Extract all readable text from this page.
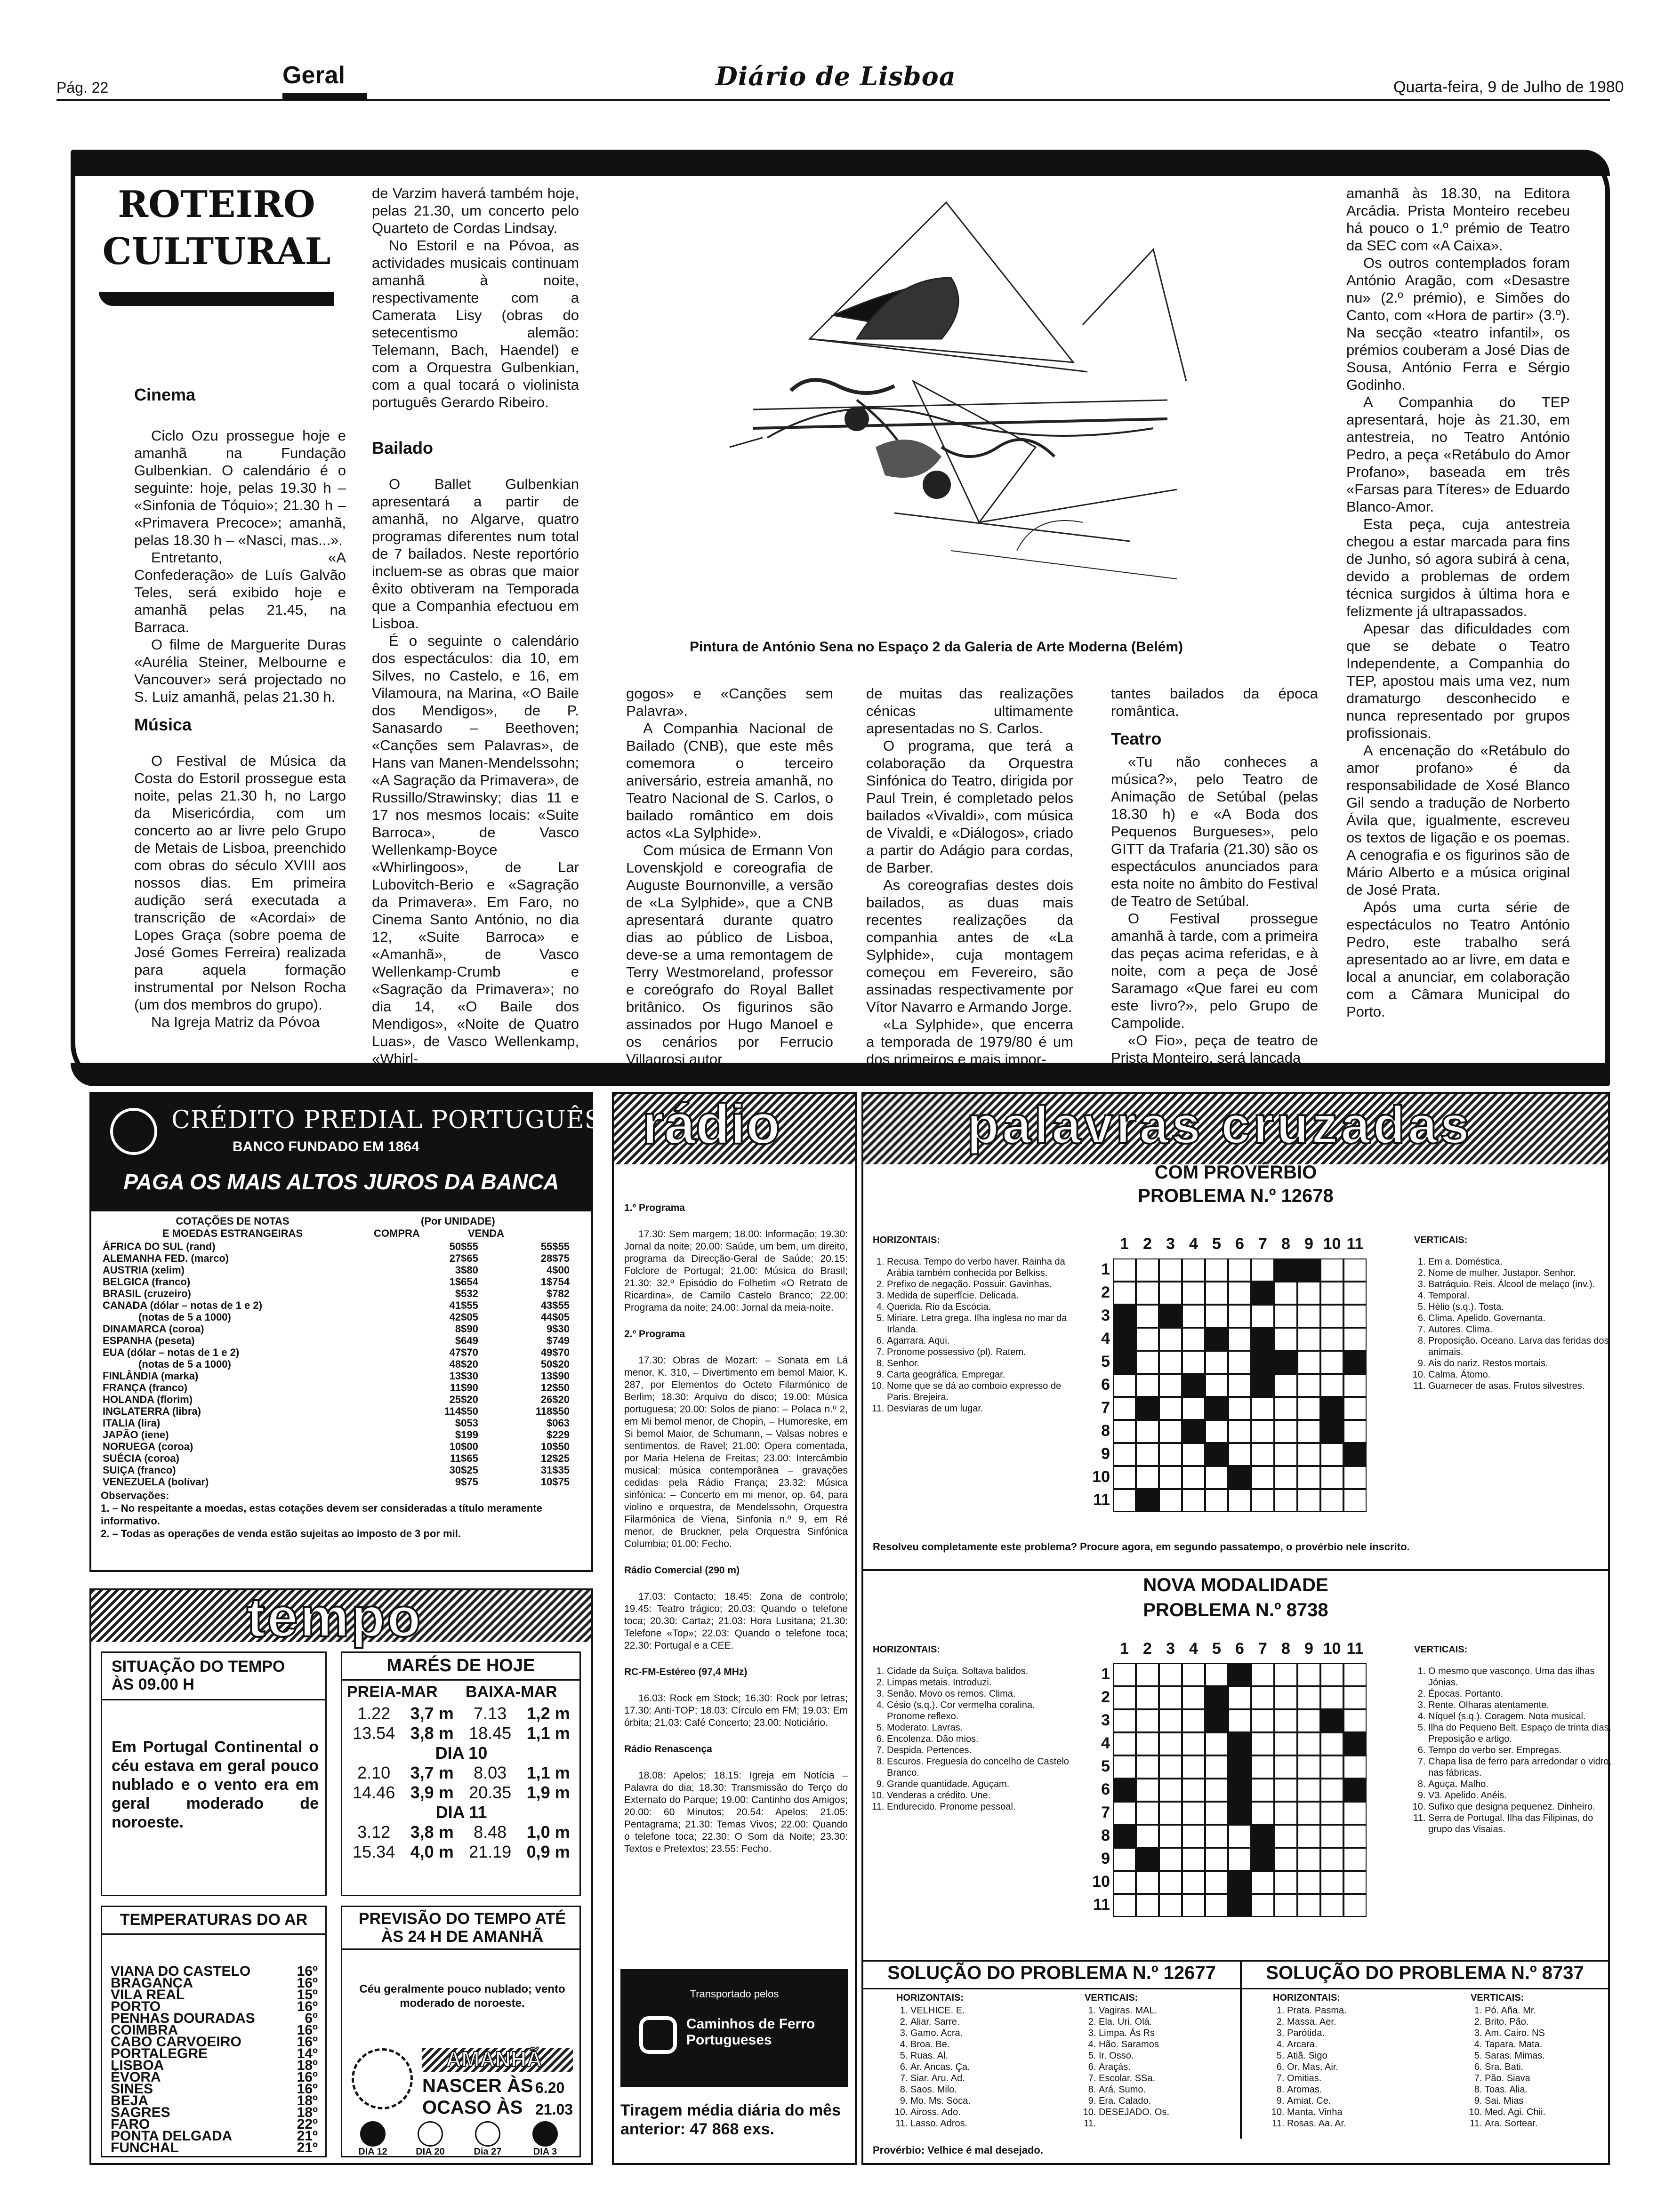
Pág. 22	Geral	Diário de Lisboa	Quarta-feira, 9 de Julho de 1980
ROTEIRO
CULTURAL
Cinema

Ciclo Ozu prossegue hoje e amanhã na Fundação Gulbenkian. O calendário é o seguinte: hoje, pelas 19.30 h – «Sinfonia de Tóquio»; 21.30 h – «Primavera Precoce»; amanhã, pelas 18.30 h – «Nasci, mas...».

Entretanto, «A Confederação» de Luís Galvão Teles, será exibido hoje e amanhã pelas 21.45, na Barraca.

O filme de Marguerite Duras «Aurélia Steiner, Melbourne e Vancouver» será projectado no S. Luiz amanhã, pelas 21.30 h.

Música

O Festival de Música da Costa do Estoril prossegue esta noite, pelas 21.30 h, no Largo da Misericórdia, com um concerto ao ar livre pelo Grupo de Metais de Lisboa, preenchido com obras do século XVIII aos nossos dias. Em primeira audição será executada a transcrição de «Acordai» de Lopes Graça (sobre poema de José Gomes Ferreira) realizada para aquela formação instrumental por Nelson Rocha (um dos membros do grupo).

Na Igreja Matriz da Póvoa

de Varzim haverá também hoje, pelas 21.30, um concerto pelo Quarteto de Cordas Lindsay.

No Estoril e na Póvoa, as actividades musicais continuam amanhã à noite, respectivamente com a Camerata Lisy (obras do setecentismo alemão: Telemann, Bach, Haendel) e com a Orquestra Gulbenkian, com a qual tocará o violinista português Gerardo Ribeiro.

Bailado

O Ballet Gulbenkian apresentará a partir de amanhã, no Algarve, quatro programas diferentes num total de 7 bailados. Neste reportório incluem-se as obras que maior êxito obtiveram na Temporada que a Companhia efectuou em Lisboa.

É o seguinte o calendário dos espectáculos: dia 10, em Silves, no Castelo, e 16, em Vilamoura, na Marina, «O Baile dos Mendigos», de P. Sanasardo – Beethoven; «Canções sem Palavras», de Hans van Manen-Mendelssohn; «A Sagração da Primavera», de Russillo/Strawinsky; dias 11 e 17 nos mesmos locais: «Suite Barroca», de Vasco Wellenkamp-Boyce «Whirlingoos», de Lar Lubovitch-Berio e «Sagração da Primavera». Em Faro, no Cinema Santo António, no dia 12, «Suite Barroca» e «Amanhã», de Vasco Wellenkamp-Crumb e «Sagração da Primavera»; no dia 14, «O Baile dos Mendigos», «Noite de Quatro Luas», de Vasco Wellenkamp, «Whirl-

Pintura de António Sena no Espaço 2 da Galeria de Arte Moderna (Belém)

gogos» e «Canções sem Palavra».

A Companhia Nacional de Bailado (CNB), que este mês comemora o terceiro aniversário, estreia amanhã, no Teatro Nacional de S. Carlos, o bailado romântico em dois actos «La Sylphide».

Com música de Ermann Von Lovenskjold e coreografia de Auguste Bournonville, a versão de «La Sylphide», que a CNB apresentará durante quatro dias ao público de Lisboa, deve-se a uma remontagem de Terry Westmoreland, professor e coreógrafo do Royal Ballet britânico. Os figurinos são assinados por Hugo Manoel e os cenários por Ferrucio Villagrosi autor

de muitas das realizações cénicas ultimamente apresentadas no S. Carlos.

O programa, que terá a colaboração da Orquestra Sinfónica do Teatro, dirigida por Paul Trein, é completado pelos bailados «Vivaldi», com música de Vivaldi, e «Diálogos», criado a partir do Adágio para cordas, de Barber.

As coreografias destes dois bailados, as duas mais recentes realizações da companhia antes de «La Sylphide», cuja montagem começou em Fevereiro, são assinadas respectivamente por Vítor Navarro e Armando Jorge.

«La Sylphide», que encerra a temporada de 1979/80 é um dos primeiros e mais impor-

tantes bailados da época romântica.

Teatro

«Tu não conheces a música?», pelo Teatro de Animação de Setúbal (pelas 18.30 h) e «A Boda dos Pequenos Burgueses», pelo GITT da Trafaria (21.30) são os espectáculos anunciados para esta noite no âmbito do Festival de Teatro de Setúbal.

O Festival prossegue amanhã à tarde, com a primeira das peças acima referidas, e à noite, com a peça de José Saramago «Que farei eu com este livro?», pelo Grupo de Campolide.

«O Fio», peça de teatro de Prista Monteiro, será lançada

amanhã às 18.30, na Editora Arcádia. Prista Monteiro recebeu há pouco o 1.º prémio de Teatro da SEC com «A Caixa».

Os outros contemplados foram António Aragão, com «Desastre nu» (2.º prémio), e Simões do Canto, com «Hora de partir» (3.º). Na secção «teatro infantil», os prémios couberam a José Dias de Sousa, António Ferra e Sérgio Godinho.

A Companhia do TEP apresentará, hoje às 21.30, em antestreia, no Teatro António Pedro, a peça «Retábulo do Amor Profano», baseada em três «Farsas para Títeres» de Eduardo Blanco-Amor.

Esta peça, cuja antestreia chegou a estar marcada para fins de Junho, só agora subirá à cena, devido a problemas de ordem técnica surgidos à última hora e felizmente já ultrapassados.

Apesar das dificuldades com que se debate o Teatro Independente, a Companhia do TEP, apostou mais uma vez, num dramaturgo desconhecido e nunca representado por grupos profissionais.

A encenação do «Retábulo do amor profano» é da responsabilidade de Xosé Blanco Gil sendo a tradução de Norberto Ávila que, igualmente, escreveu os textos de ligação e os poemas. A cenografia e os figurinos são de Mário Alberto e a música original de José Prata.

Após uma curta série de espectáculos no Teatro António Pedro, este trabalho será apresentado ao ar livre, em data e local a anunciar, em colaboração com a Câmara Municipal do Porto.

CRÉDITO PREDIAL PORTUGUÊS
BANCO FUNDADO EM 1864
PAGA OS MAIS ALTOS JUROS DA BANCA
COTAÇÕES DE NOTAS
E MOEDAS ESTRANGEIRAS
(Por UNIDADE)
COMPRA	VENDA
ÁFRICA DO SUL (rand)	50$55	55$55
ALEMANHA FED. (marco)	27$65	28$75
AUSTRIA (xelim)	3$80	4$00
BELGICA (franco)	1$654	1$754
BRASIL (cruzeiro)	$532	$782
CANADA (dólar – notas de 1 e 2)	41$55	43$55
(notas de 5 a 1000)	42$05	44$05
DINAMARCA (coroa)	8$90	9$30
ESPANHA (peseta)	$649	$749
EUA (dólar – notas de 1 e 2)	47$70	49$70
(notas de 5 a 1000)	48$20	50$20
FINLÂNDIA (marka)	13$30	13$90
FRANÇA (franco)	11$90	12$50
HOLANDA (florim)	25$20	26$20
INGLATERRA (libra)	114$50	118$50
ITALIA (lira)	$053	$063
JAPÃO (iene)	$199	$229
NORUEGA (coroa)	10$00	10$50
SUÉCIA (coroa)	11$65	12$25
SUIÇA (franco)	30$25	31$35
VENEZUELA (bolívar)	9$75	10$75
Observações:
1. – No respeitante a moedas, estas cotações devem ser consideradas a título meramente informativo.
2. – Todas as operações de venda estão sujeitas ao imposto de 3 por mil.
tempo
SITUAÇÃO DO TEMPO ÀS 09.00 H
Em Portugal Continental o céu estava em geral pouco nublado e o vento era em geral moderado de noroeste.
MARÉS DE HOJE
PREIA-MAR BAIXA-MAR
1.22	3,7 m	7.13	1,2 m
13.54	3,8 m	18.45	1,1 m
DIA 10			
2.10	3,7 m	8.03	1,1 m
14.46	3,9 m	20.35	1,9 m
DIA 11			
3.12	3,8 m	8.48	1,0 m
15.34	4,0 m	21.19	0,9 m
TEMPERATURAS DO AR
VIANA DO CASTELO	16º
BRAGANÇA	16º
VILA REAL	15º
PORTO	16º
PENHAS DOURADAS	6º
COIMBRA	16º
CABO CARVOEIRO	16º
PORTALEGRE	14º
LISBOA	18º
ÉVORA	16º
SINES	16º
BEJA	18º
SAGRES	18º
FARO	22º
PONTA DELGADA	21º
FUNCHAL	21º
PREVISÃO DO TEMPO ATÉ ÀS 24 H DE AMANHÃ
Céu geralmente pouco nublado; vento moderado de noroeste.
AMANHÃ
NASCER ÀS 6.20
OCASO ÀS 21.03
DIA 12	DIA 20	Dia 27	DIA 3
rádio
1.º Programa
17.30: Sem margem; 18.00: Informação; 19.30: Jornal da noite; 20.00: Saúde, um bem, um direito, programa da Direcção-Geral de Saúde; 20.15: Folclore de Portugal; 21.00: Música do Brasil; 21.30: 32.º Episódio do Folhetim «O Retrato de Ricardina», de Camilo Castelo Branco; 22.00: Programa da noite; 24.00: Jornal da meia-noite.
2.º Programa
17.30: Obras de Mozart: – Sonata em Lá menor, K. 310, – Divertimento em bemol Maior, K. 287, por Elementos do Octeto Filarmónico de Berlim; 18.30: Arquivo do disco; 19.00: Música portuguesa; 20.00: Solos de piano: – Polaca n.º 2, em Mi bemol menor, de Chopin, – Humoreske, em Si bemol Maior, de Schumann, – Valsas nobres e sentimentos, de Ravel; 21.00: Opera comentada, por Maria Helena de Freitas; 23.00: Intercâmbio musical: música contemporânea – gravações cedidas pela Rádio França; 23.32: Música sinfónica: – Concerto em mi menor, op. 64, para violino e orquestra, de Mendelssohn, Orquestra Filarmónica de Viena, Sinfonia n.º 9, em Ré menor, de Bruckner, pela Orquestra Sinfónica Columbia; 01.00: Fecho.
Rádio Comercial (290 m)
17.03: Contacto; 18.45: Zona de controlo; 19.45: Teatro trágico; 20.03: Quando o telefone toca; 20.30: Cartaz; 21.03: Hora Lusitana; 21.30: Telefone «Top»; 22.03: Quando o telefone toca; 22.30: Portugal e a CEE.
RC-FM-Estéreo (97,4 MHz)
16.03: Rock em Stock; 16.30: Rock por letras; 17.30: Anti-TOP; 18.03: Círculo em FM; 19.03: Em órbita; 21.03: Café Concerto; 23.00: Noticiário.
Rádio Renascença
18.08: Apelos; 18.15: Igreja em Notícia – Palavra do dia; 18.30: Transmissão do Terço do Externato do Parque; 19.00: Cantinho dos Amigos; 20.00: 60 Minutos; 20.54: Apelos; 21.05: Pentagrama; 21.30: Temas Vivos; 22.00: Quando o telefone toca; 22.30: O Som da Noite; 23.30: Textos e Pretextos; 23.55: Fecho.
Transportado pelos
Caminhos de Ferro Portugueses
Tiragem média diária do mês anterior: 47 868 exs.
palavras cruzadas
COM PROVÉRBIO
PROBLEMA N.º 12678
HORIZONTAIS:
1. Recusa. Tempo do verbo haver. Rainha da Arábia também conhecida por Belkiss.
2. Prefixo de negação. Possuir. Gavinhas.
3. Medida de superfície. Delicada.
4. Querida. Rio da Escócia.
5. Miriare. Letra grega. Ilha inglesa no mar da Irlanda.
6. Agarrara. Aqui.
7. Pronome possessivo (pl). Ratem.
8. Senhor.
9. Carta geográfica. Empregar.
10. Nome que se dá ao comboio expresso de Paris. Brejeira.
11. Desviaras de um lugar.
1
1
2
2
3
3
4
4
5
5
6
6
7
7
8
8
9
9
10
10
11
11
VERTICAIS:
1. Em a. Doméstica.
2. Nome de mulher. Justapor. Senhor.
3. Batráquio. Reis. Álcool de melaço (inv.).
4. Temporal.
5. Hélio (s.q.). Tosta.
6. Clima. Apelido. Governanta.
7. Autores. Clima.
8. Proposição. Oceano. Larva das feridas dos animais.
9. Ais do nariz. Restos mortais.
10. Calma. Átomo.
11. Guarnecer de asas. Frutos silvestres.
Resolveu completamente este problema? Procure agora, em segundo passatempo, o provérbio nele inscrito.
NOVA MODALIDADE
PROBLEMA N.º 8738
HORIZONTAIS:
1. Cidade da Suíça. Soltava balidos.
2. Limpas metais. Introduzi.
3. Senão. Movo os remos. Clima.
4. Césio (s.q.). Cor vermelha coralina. Pronome reflexo.
5. Moderato. Lavras.
6. Encolenza. Dão mios.
7. Despida. Pertences.
8. Escuros. Freguesia do concelho de Castelo Branco.
9. Grande quantidade. Aguçam.
10. Venderas a crédito. Une.
11. Endurecido. Pronome pessoal.
1
1
2
2
3
3
4
4
5
5
6
6
7
7
8
8
9
9
10
10
11
11
VERTICAIS:
1. O mesmo que vasconço. Uma das ilhas Jónias.
2. Épocas. Portanto.
3. Rente. Olharas atentamente.
4. Níquel (s.q.). Coragem. Nota musical.
5. Ilha do Pequeno Belt. Espaço de trinta dias. Preposição e artigo.
6. Tempo do verbo ser. Empregas.
7. Chapa lisa de ferro para arredondar o vidro, nas fábricas.
8. Aguça. Malho.
9. V3. Apelido. Anéis.
10. Sufixo que designa pequenez. Dinheiro.
11. Serra de Portugal. Ilha das Filipinas, do grupo das Visaias.
SOLUÇÃO DO PROBLEMA N.º 12677
HORIZONTAIS:
1. VELHICE. E.
2. Aliar. Sarre.
3. Gamo. Acra.
4. Broa. Be.
5. Ruas. Al.
6. Ar. Ancas. Ça.
7. Siar. Aru. Ad.
8. Saos. Milo.
9. Mo. Ms. Soca.
10. Aiross. Ado.
11. Lasso. Adros.
VERTICAIS:
1. Vagiras. MAL.
2. Ela. Uri. Olá.
3. Limpa. Ás Rs
4. Hão. Saramos
5. Ir. Osso.
6. Araçás.
7. Escolar. SSa.
8. Ará. Sumo.
9. Era. Calado.
10. DESEJADO. Os.
11.
SOLUÇÃO DO PROBLEMA N.º 8737
HORIZONTAIS:
1. Prata. Pasma.
2. Massa. Aer.
3. Parótida.
4. Arcara.
5. Atiã. Sigo
6. Or. Mas. Air.
7. Omitias.
8. Aromas.
9. Amiat. Ce.
10. Manta. Vinha
11. Rosas. Aa. Ar.
VERTICAIS:
1. Pó. Aña. Mr.
2. Brito. Pão.
3. Am. Cairo. NS
4. Tapara. Mata.
5. Saras. Mimas.
6. Sra. Bati.
7. Pão. Siava
8. Toas. Alia.
9. Sai. Mias
10. Med. Agi. Chii.
11. Ara. Sortear.
Provérbio: Velhice é mal desejado.
